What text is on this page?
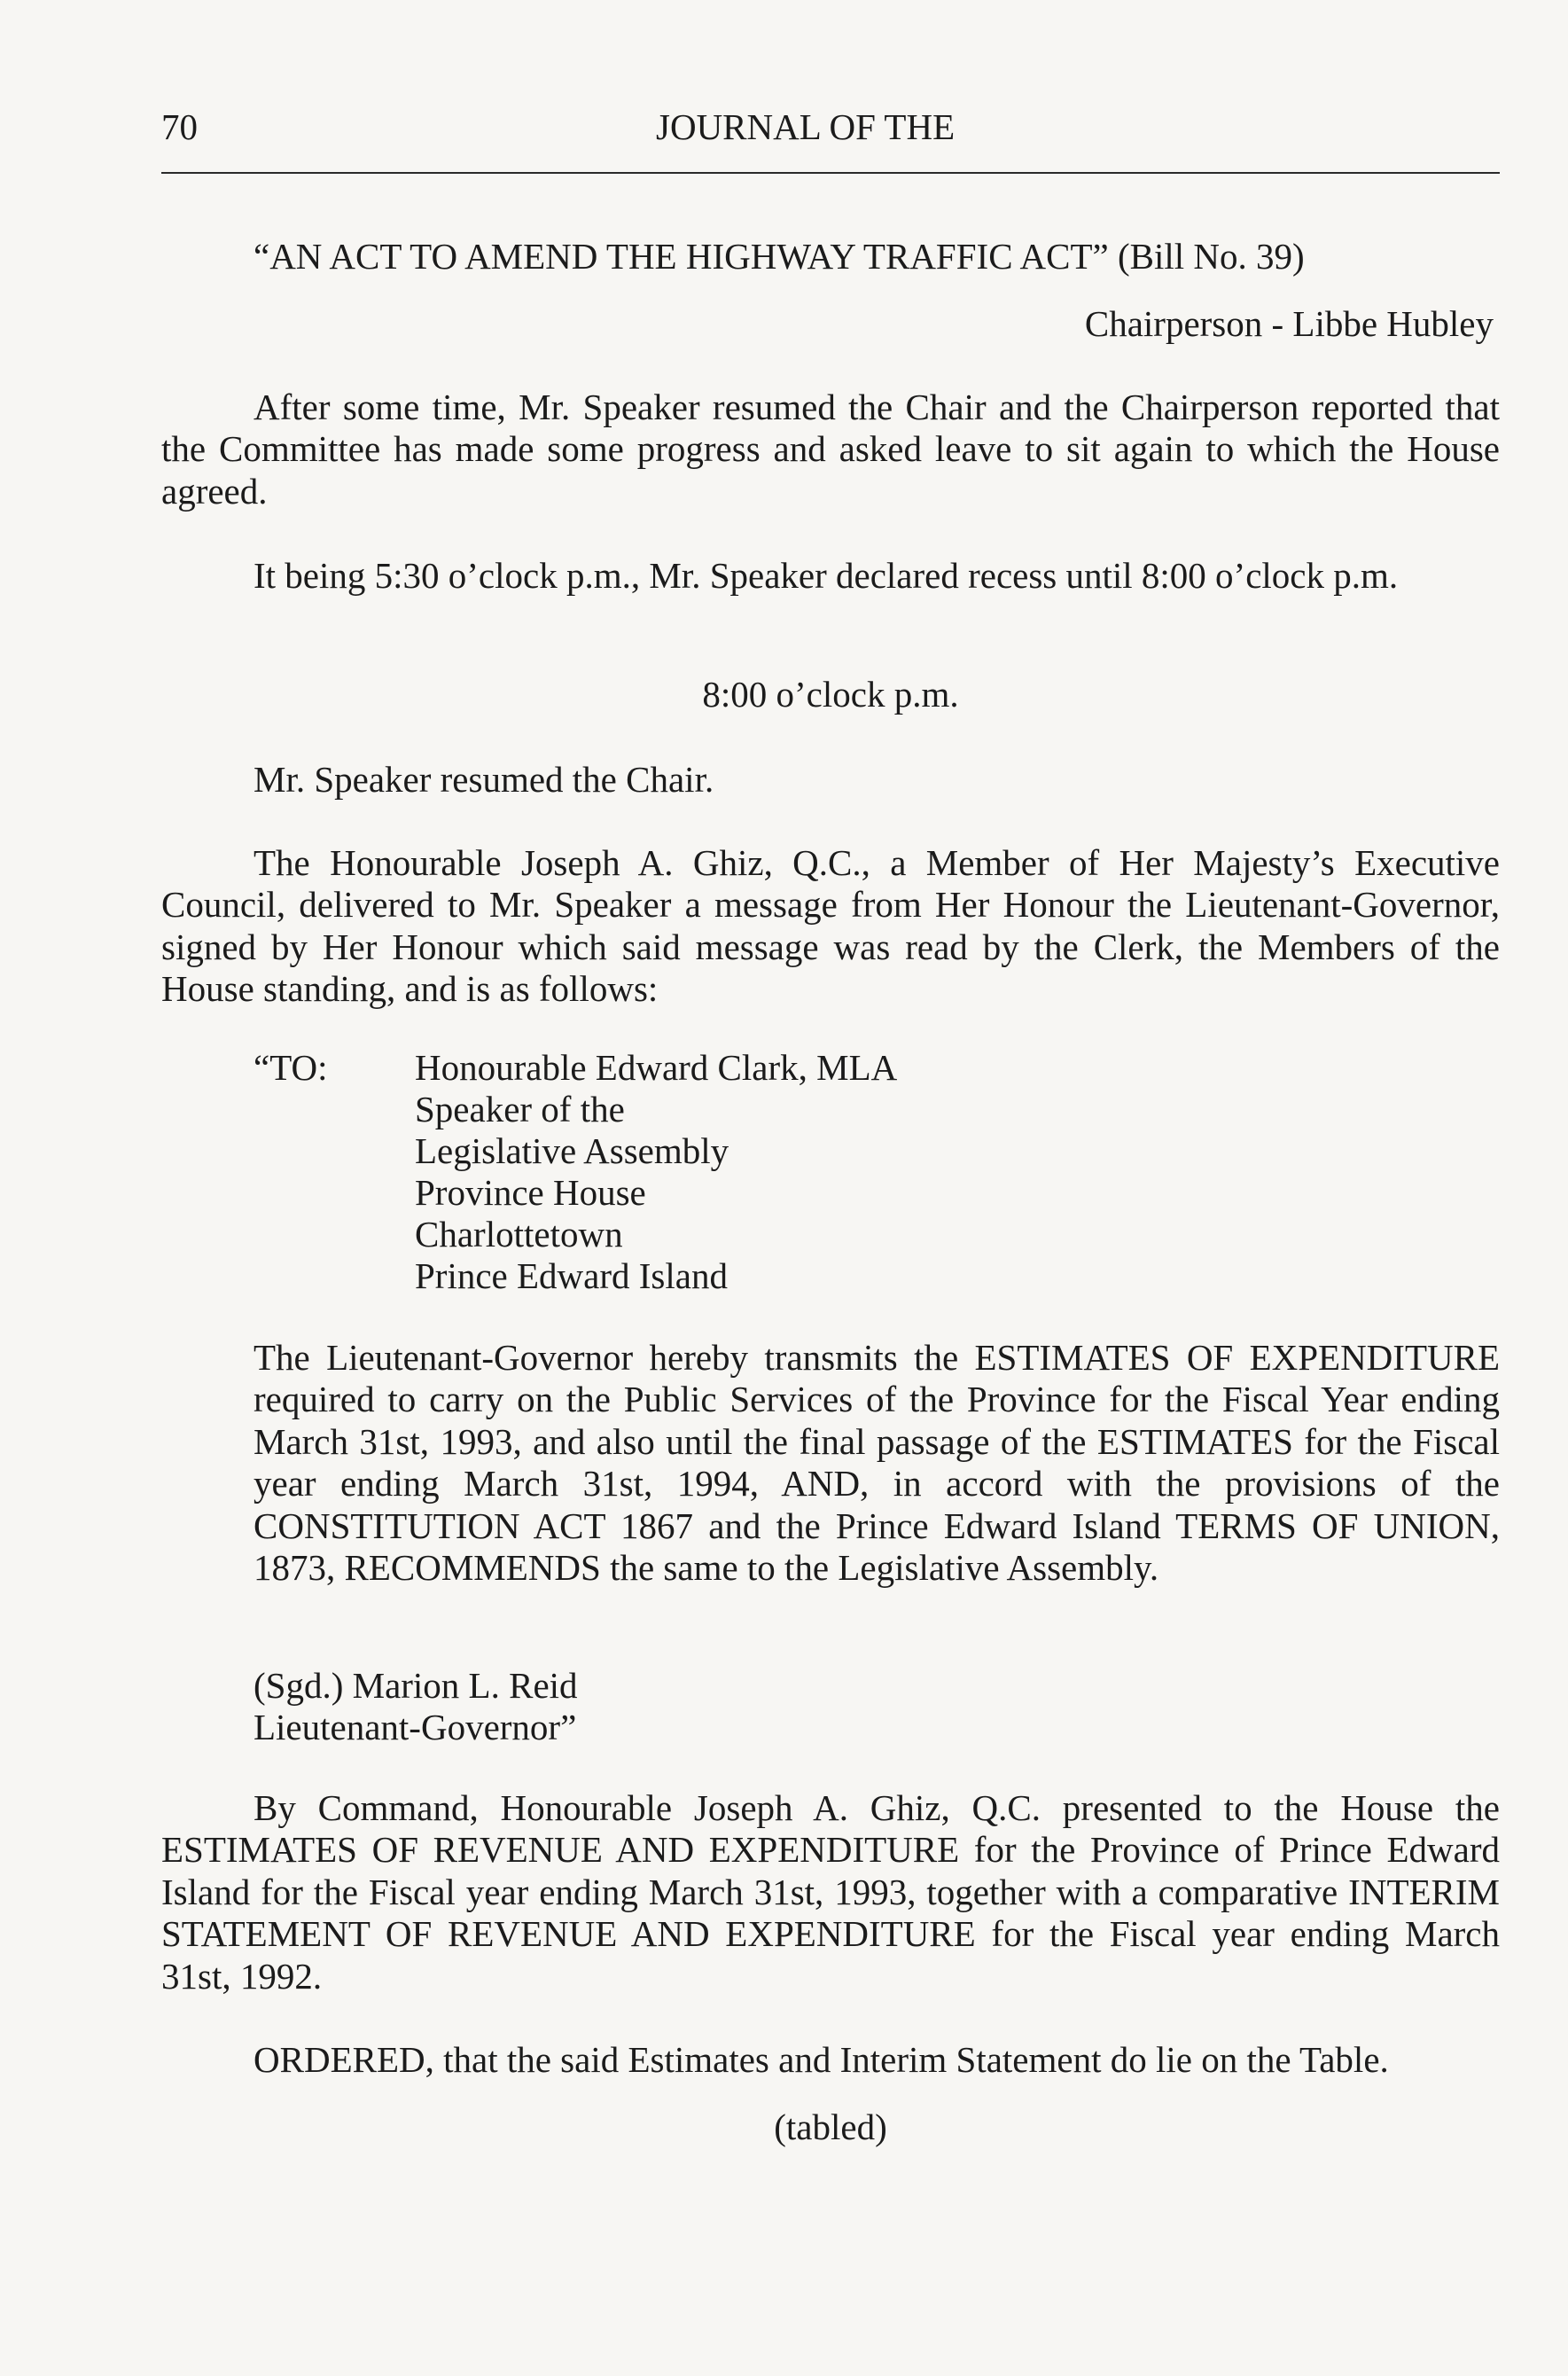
70	JOURNAL OF THE
“AN ACT TO AMEND THE HIGHWAY TRAFFIC ACT” (Bill No. 39)
Chairperson - Libbe Hubley
After some time, Mr. Speaker resumed the Chair and the Chairperson reported that the Committee has made some progress and asked leave to sit again to which the House agreed.
It being 5:30 o’clock p.m., Mr. Speaker declared recess until 8:00 o’clock p.m.
8:00 o’clock p.m.
Mr. Speaker resumed the Chair.
The Honourable Joseph A. Ghiz, Q.C., a Member of Her Majesty’s Executive Council, delivered to Mr. Speaker a message from Her Honour the Lieutenant-Governor, signed by Her Honour which said message was read by the Clerk, the Members of the House standing, and is as follows:
“TO: Honourable Edward Clark, MLA
Speaker of the
Legislative Assembly
Province House
Charlottetown
Prince Edward Island
The Lieutenant-Governor hereby transmits the ESTIMATES OF EXPENDITURE required to carry on the Public Services of the Province for the Fiscal Year ending March 31st, 1993, and also until the final passage of the ESTIMATES for the Fiscal year ending March 31st, 1994, AND, in accord with the provisions of the CONSTITUTION ACT 1867 and the Prince Edward Island TERMS OF UNION, 1873, RECOMMENDS the same to the Legislative Assembly.
(Sgd.) Marion L. Reid
Lieutenant-Governor”
By Command, Honourable Joseph A. Ghiz, Q.C. presented to the House the ESTIMATES OF REVENUE AND EXPENDITURE for the Province of Prince Edward Island for the Fiscal year ending March 31st, 1993, together with a comparative INTERIM STATEMENT OF REVENUE AND EXPENDITURE for the Fiscal year ending March 31st, 1992.
ORDERED, that the said Estimates and Interim Statement do lie on the Table.
(tabled)
